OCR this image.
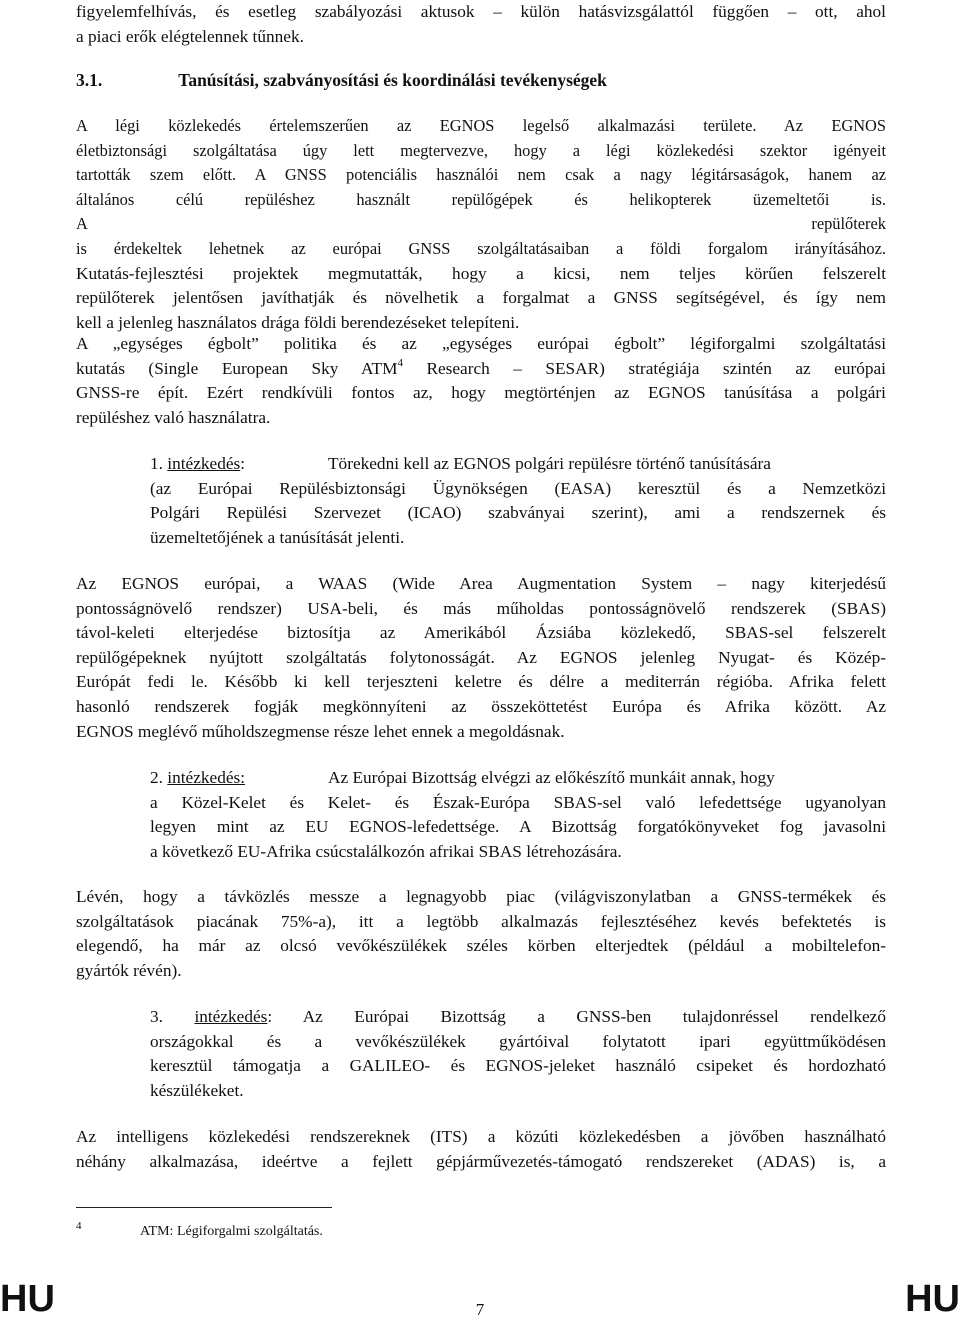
figyelemfelhívás, és esetleg szabályozási aktusok – külön hatásvizsgálattól függően – ott, ahol
a piaci erők elégtelennek tűnnek.
3.1.	Tanúsítási, szabványosítási és koordinálási tevékenységek
A légi közlekedés értelemszerűen az EGNOS legelső alkalmazási területe. Az EGNOS
életbiztonsági szolgáltatása úgy lett megtervezve, hogy a légi közlekedési szektor igényeit
tartották szem előtt. A GNSS potenciális használói nem csak a nagy légitársaságok, hanem az
általános célú repüléshez használt repülőgépek és helikopterek üzemeltetői is.
A repülőterek
is érdekeltek lehetnek az európai GNSS szolgáltatásaiban a földi forgalom irányításához.
Kutatás-fejlesztési projektek megmutatták, hogy a kicsi, nem teljes körűen felszerelt
repülőterek jelentősen javíthatják és növelhetik a forgalmat a GNSS segítségével, és így nem
kell a jelenleg használatos drága földi berendezéseket telepíteni.
A „egységes égbolt” politika és az „egységes európai égbolt” légiforgalmi szolgáltatási
kutatás (Single European Sky ATM$^4$ Research – SESAR) stratégiája szintén az európai
GNSS-re épít. Ezért rendkívüli fontos az, hogy megtörténjen az EGNOS tanúsítása a polgári
repüléshez való használatra.
1. intézkedés:	Törekedni kell az EGNOS polgári repülésre történő tanúsítására
(az Európai Repülésbiztonsági Ügynökségen (EASA) keresztül és a Nemzetközi
Polgári Repülési Szervezet (ICAO) szabványai szerint), ami a rendszernek és
üzemeltetőjének a tanúsítását jelenti.
Az EGNOS európai, a WAAS (Wide Area Augmentation System – nagy kiterjedésű
pontosságnövelő rendszer) USA-beli, és más műholdas pontosságnövelő rendszerek (SBAS)
távol-keleti elterjedése biztosítja az Amerikából Ázsiába közlekedő, SBAS-sel felszerelt
repülőgépeknek nyújtott szolgáltatás folytonosságát. Az EGNOS jelenleg Nyugat- és Közép-
Európát fedi le. Később ki kell terjeszteni keletre és délre a mediterrán régióba. Afrika felett
hasonló rendszerek fogják megkönnyíteni az összeköttetést Európa és Afrika között. Az
EGNOS meglévő műholdszegmense része lehet ennek a megoldásnak.
2. intézkedés:	Az Európai Bizottság elvégzi az előkészítő munkáit annak, hogy
a Közel-Kelet és Kelet- és Észak-Európa SBAS-sel való lefedettsége ugyanolyan
legyen mint az EU EGNOS-lefedettsége. A Bizottság forgatókönyveket fog javasolni
a következő EU-Afrika csúcstalálkozón afrikai SBAS létrehozására.
Lévén, hogy a távközlés messze a legnagyobb piac (világviszonylatban a GNSS-termékek és
szolgáltatások piacának 75%-a), itt a legtöbb alkalmazás fejlesztéséhez kevés befektetés is
elegendő, ha már az olcsó vevőkészülékek széles körben elterjedtek (például a mobiltelefon-
gyártók révén).
3. intézkedés: Az Európai Bizottság a GNSS-ben tulajdonréssel rendelkező
országokkal és a vevőkészülékek gyártóival folytatott ipari együttműködésen
keresztül támogatja a GALILEO- és EGNOS-jeleket használó csipeket és hordozható
készülékeket.
Az intelligens közlekedési rendszereknek (ITS) a közúti közlekedésben a jövőben használható
néhány alkalmazása, ideértve a fejlett gépjárművezetés-támogató rendszereket (ADAS) is, a
4	ATM: Légiforgalmi szolgáltatás.
HU	7	HU
